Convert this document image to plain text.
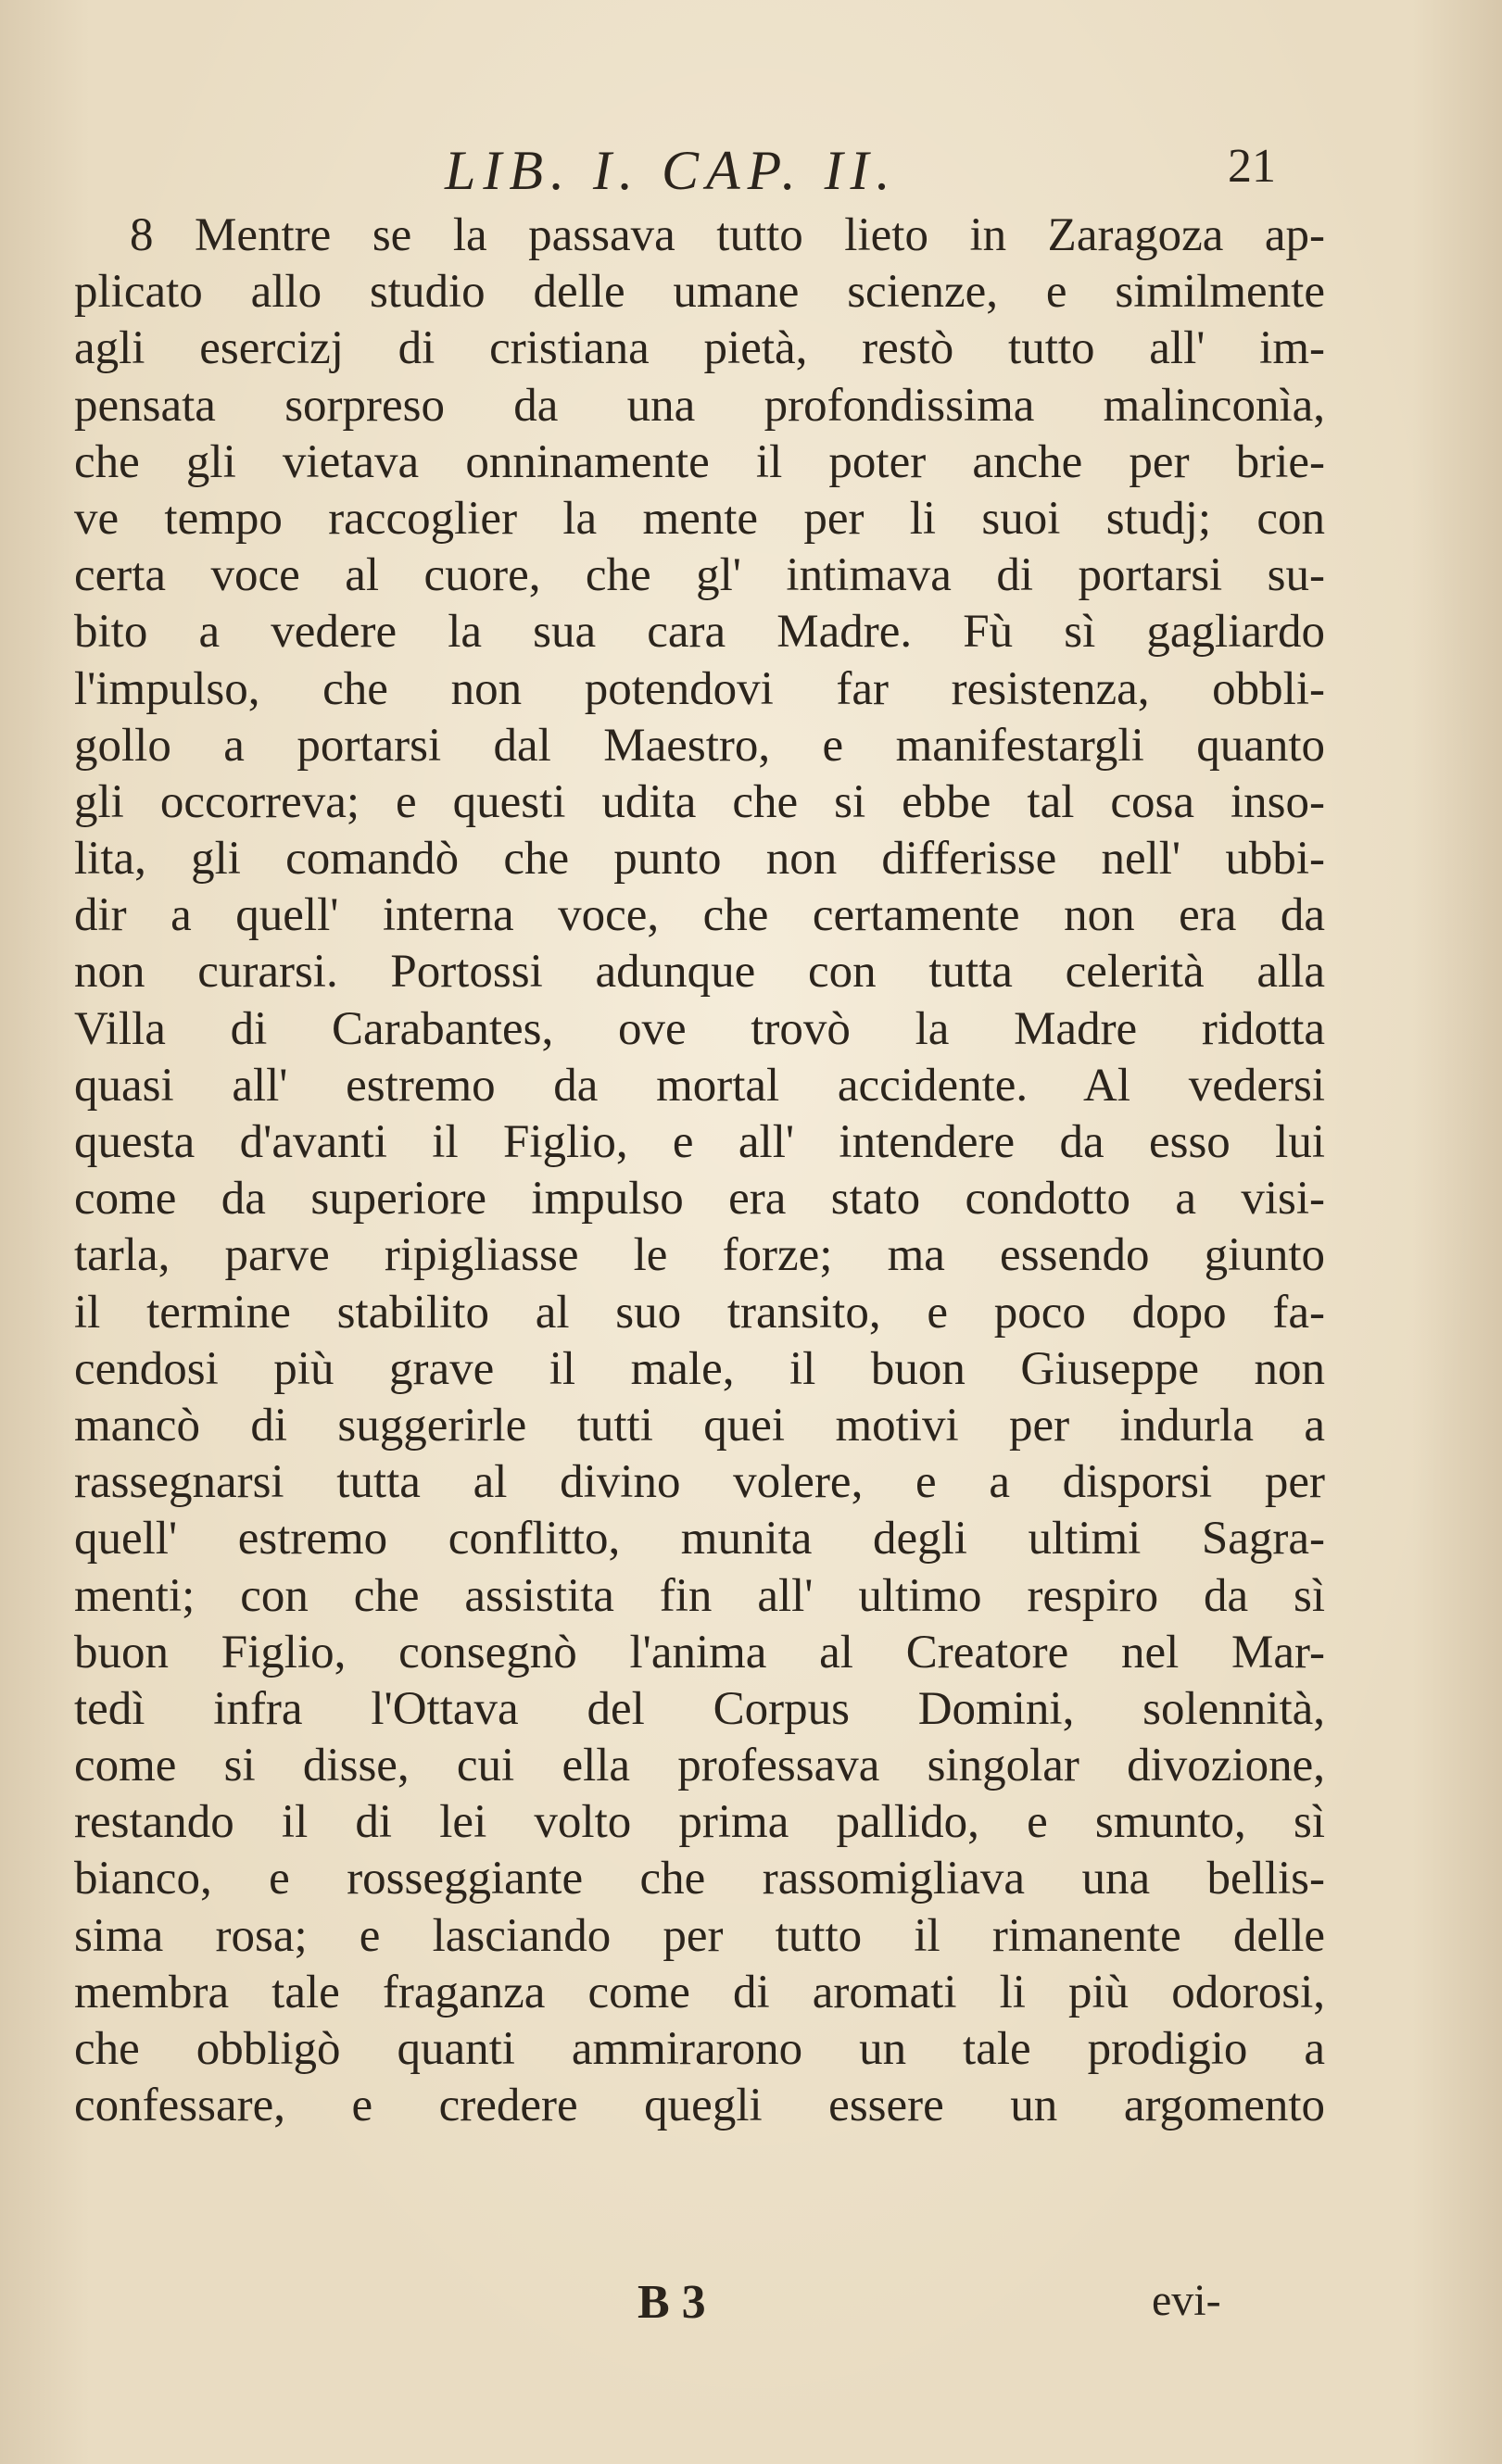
LIB. I. CAP. II.	21
8 Mentre se la passava tutto lieto in Zaragoza ap-
plicato allo studio delle umane scienze, e similmente
agli esercizj di cristiana pietà, restò tutto all' im-
pensata sorpreso da una profondissima malinconìa,
che gli vietava onninamente il poter anche per brie-
ve tempo raccoglier la mente per li suoi studj; con
certa voce al cuore, che gl' intimava di portarsi su-
bito a vedere la sua cara Madre. Fù sì gagliardo
l'impulso, che non potendovi far resistenza, obbli-
gollo a portarsi dal Maestro, e manifestargli quanto
gli occorreva; e questi udita che si ebbe tal cosa inso-
lita, gli comandò che punto non differisse nell' ubbi-
dir a quell' interna voce, che certamente non era da
non curarsi. Portossi adunque con tutta celerità alla
Villa di Carabantes, ove trovò la Madre ridotta
quasi all' estremo da mortal accidente. Al vedersi
questa d'avanti il Figlio, e all' intendere da esso lui
come da superiore impulso era stato condotto a visi-
tarla, parve ripigliasse le forze; ma essendo giunto
il termine stabilito al suo transito, e poco dopo fa-
cendosi più grave il male, il buon Giuseppe non
mancò di suggerirle tutti quei motivi per indurla a
rassegnarsi tutta al divino volere, e a disporsi per
quell' estremo conflitto, munita degli ultimi Sagra-
menti; con che assistita fin all' ultimo respiro da sì
buon Figlio, consegnò l'anima al Creatore nel Mar-
tedì infra l'Ottava del Corpus Domini, solennità,
come si disse, cui ella professava singolar divozione,
restando il di lei volto prima pallido, e smunto, sì
bianco, e rosseggiante che rassomigliava una bellis-
sima rosa; e lasciando per tutto il rimanente delle
membra tale fraganza come di aromati li più odorosi,
che obbligò quanti ammirarono un tale prodigio a
confessare, e credere quegli essere un argomento
B 3	evi-
